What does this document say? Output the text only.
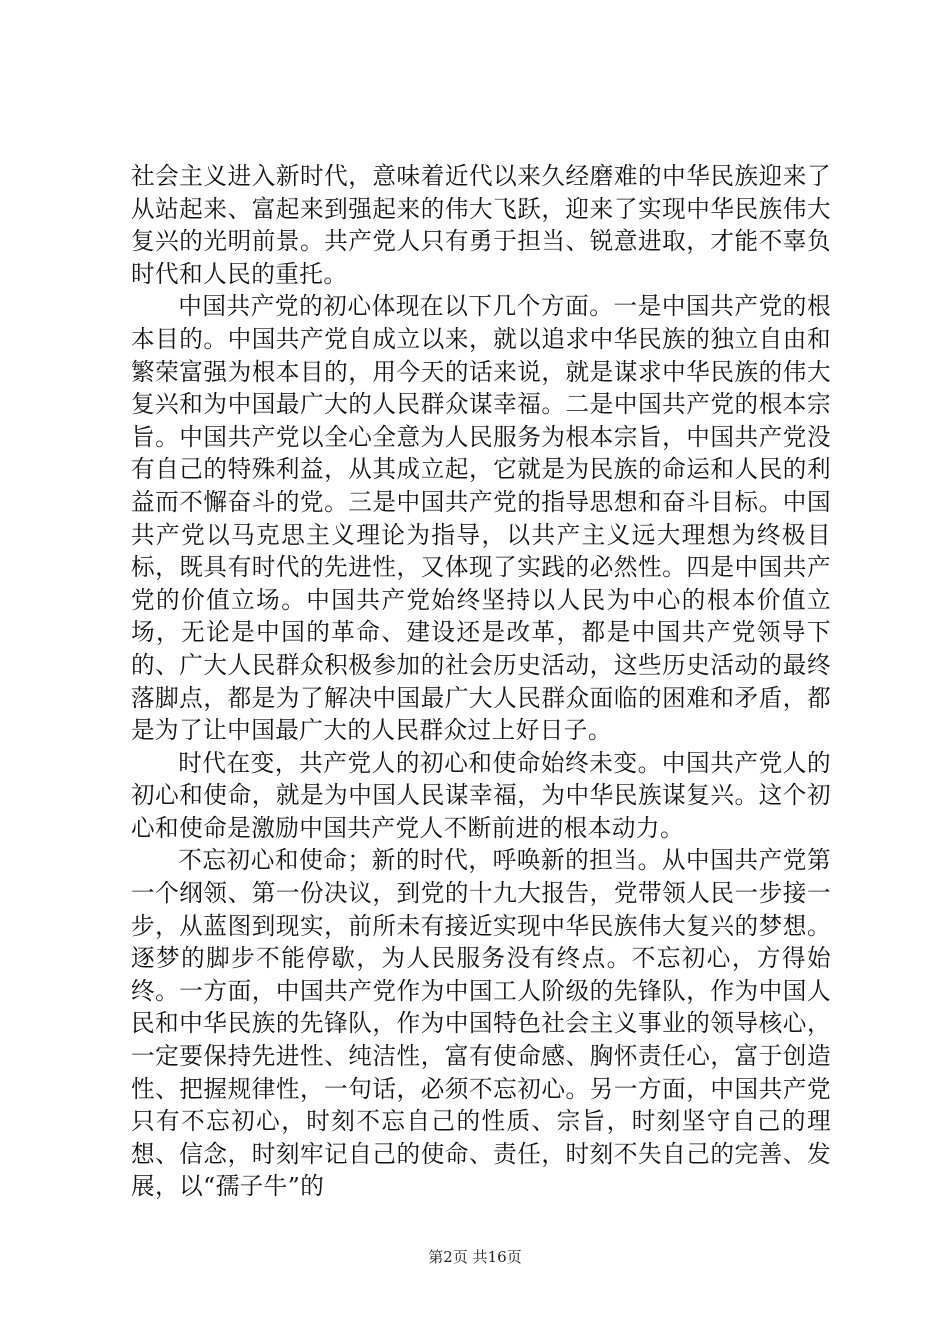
社会主义进入新时代，意味着近代以来久经磨难的中华民族迎来了从站起来、富起来到强起来的伟大飞跃，迎来了实现中华民族伟大复兴的光明前景。共产党人只有勇于担当、锐意进取，才能不辜负时代和人民的重托。

中国共产党的初心体现在以下几个方面。一是中国共产党的根本目的。中国共产党自成立以来，就以追求中华民族的独立自由和繁荣富强为根本目的，用今天的话来说，就是谋求中华民族的伟大复兴和为中国最广大的人民群众谋幸福。二是中国共产党的根本宗旨。中国共产党以全心全意为人民服务为根本宗旨，中国共产党没有自己的特殊利益，从其成立起，它就是为民族的命运和人民的利益而不懈奋斗的党。三是中国共产党的指导思想和奋斗目标。中国共产党以马克思主义理论为指导，以共产主义远大理想为终极目标，既具有时代的先进性，又体现了实践的必然性。四是中国共产党的价值立场。中国共产党始终坚持以人民为中心的根本价值立场，无论是中国的革命、建设还是改革，都是中国共产党领导下的、广大人民群众积极参加的社会历史活动，这些历史活动的最终落脚点，都是为了解决中国最广大人民群众面临的困难和矛盾，都是为了让中国最广大的人民群众过上好日子。

时代在变，共产党人的初心和使命始终未变。中国共产党人的初心和使命，就是为中国人民谋幸福，为中华民族谋复兴。这个初心和使命是激励中国共产党人不断前进的根本动力。

不忘初心和使命；新的时代，呼唤新的担当。从中国共产党第一个纲领、第一份决议，到党的十九大报告，党带领人民一步接一步，从蓝图到现实，前所未有接近实现中华民族伟大复兴的梦想。逐梦的脚步不能停歇，为人民服务没有终点。不忘初心，方得始终。一方面，中国共产党作为中国工人阶级的先锋队，作为中国人民和中华民族的先锋队，作为中国特色社会主义事业的领导核心，一定要保持先进性、纯洁性，富有使命感、胸怀责任心，富于创造性、把握规律性，一句话，必须不忘初心。另一方面，中国共产党只有不忘初心，时刻不忘自己的性质、宗旨，时刻坚守自己的理想、信念，时刻牢记自己的使命、责任，时刻不失自己的完善、发展，以“孺子牛”的

第2页 共16页
